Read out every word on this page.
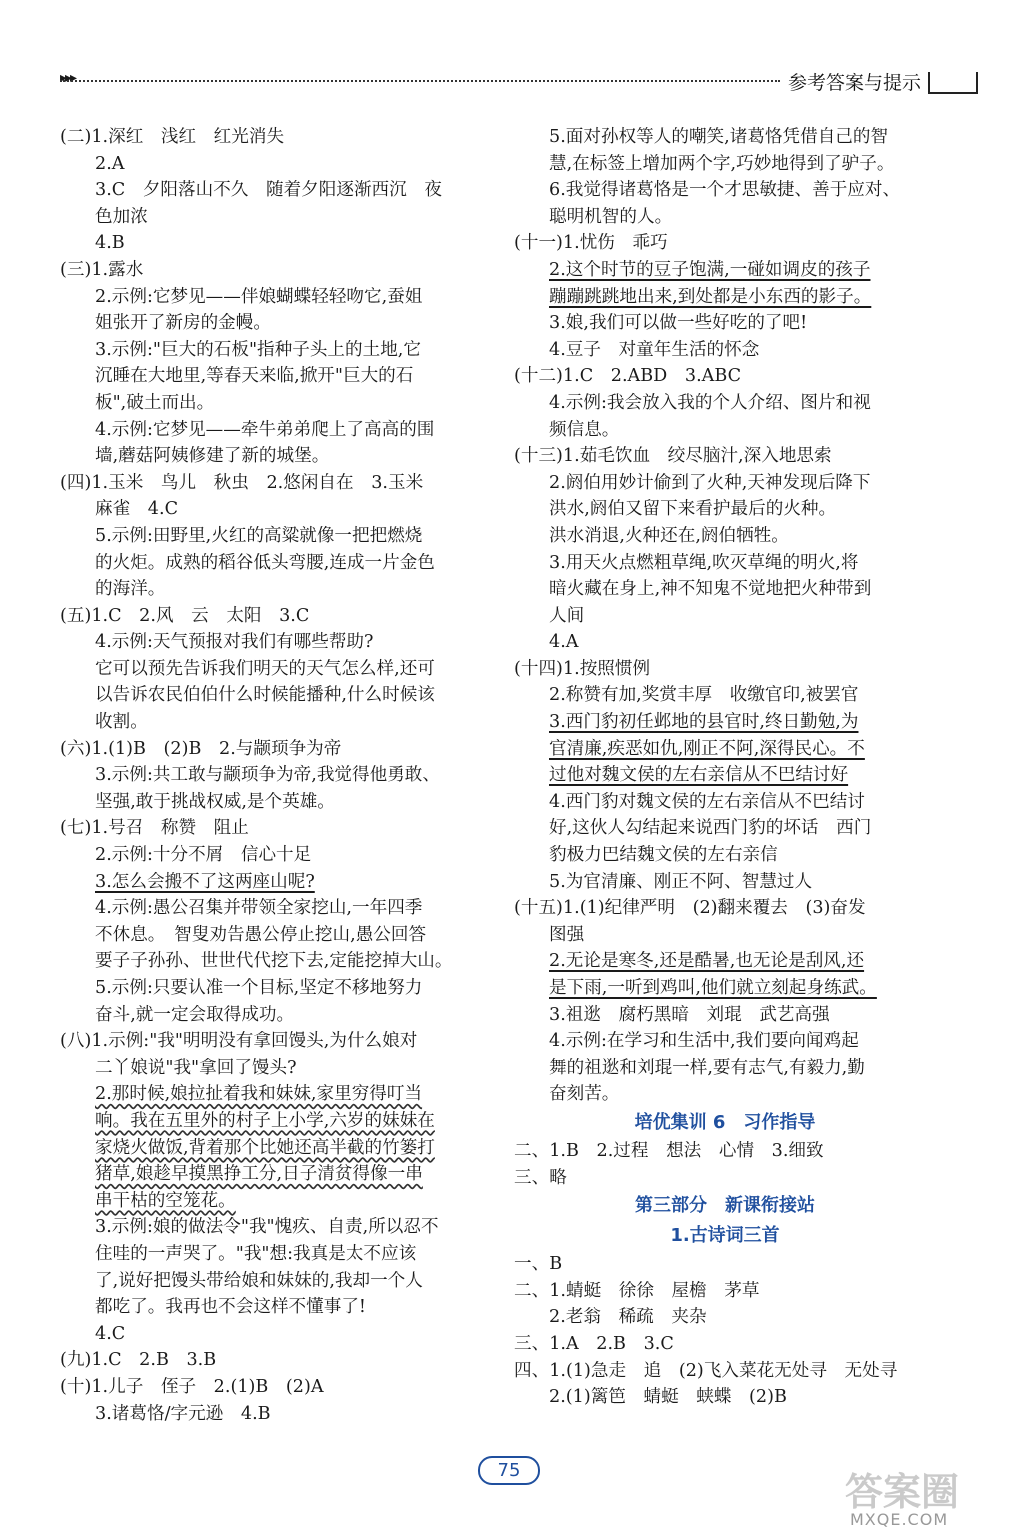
▸▸▸	参考答案与提示
(二)1.深红　浅红　红光消失
2.A
3.C　夕阳落山不久　随着夕阳逐渐西沉　夜
色加浓
4.B
(三)1.露水
2.示例:它梦见——伴娘蝴蝶轻轻吻它,蚕姐
姐张开了新房的金幔。
3.示例:"巨大的石板"指种子头上的土地,它
沉睡在大地里,等春天来临,掀开"巨大的石
板",破土而出。
4.示例:它梦见——牵牛弟弟爬上了高高的围
墙,蘑菇阿姨修建了新的城堡。
(四)1.玉米　鸟儿　秋虫　2.悠闲自在　3.玉米
麻雀　4.C
5.示例:田野里,火红的高粱就像一把把燃烧
的火炬。成熟的稻谷低头弯腰,连成一片金色
的海洋。
(五)1.C　2.风　云　太阳　3.C
4.示例:天气预报对我们有哪些帮助?
它可以预先告诉我们明天的天气怎么样,还可
以告诉农民伯伯什么时候能播种,什么时候该
收割。
(六)1.(1)B　(2)B　2.与颛顼争为帝
3.示例:共工敢与颛顼争为帝,我觉得他勇敢、
坚强,敢于挑战权威,是个英雄。
(七)1.号召　称赞　阻止
2.示例:十分不屑　信心十足
3.怎么会搬不了这两座山呢?
4.示例:愚公召集并带领全家挖山,一年四季
不休息。　智叟劝告愚公停止挖山,愚公回答
要子子孙孙、世世代代挖下去,定能挖掉大山。
5.示例:只要认准一个目标,坚定不移地努力
奋斗,就一定会取得成功。
(八)1.示例:"我"明明没有拿回馒头,为什么娘对
二丫娘说"我"拿回了馒头?
2.那时候,娘拉扯着我和妹妹,家里穷得叮当
响。我在五里外的村子上小学,六岁的妹妹在
家烧火做饭,背着那个比她还高半截的竹篓打
猪草,娘趁早摸黑挣工分,日子清贫得像一串
串干枯的空笼花。
3.示例:娘的做法令"我"愧疚、自责,所以忍不
住哇的一声哭了。"我"想:我真是太不应该
了,说好把馒头带给娘和妹妹的,我却一个人
都吃了。我再也不会这样不懂事了!
4.C
(九)1.C　2.B　3.B
(十)1.儿子　侄子　2.(1)B　(2)A
3.诸葛恪/字元逊　4.B
5.面对孙权等人的嘲笑,诸葛恪凭借自己的智
慧,在标签上增加两个字,巧妙地得到了驴子。
6.我觉得诸葛恪是一个才思敏捷、善于应对、
聪明机智的人。
(十一)1.忧伤　乖巧
2.这个时节的豆子饱满,一碰如调皮的孩子
蹦蹦跳跳地出来,到处都是小东西的影子。
3.娘,我们可以做一些好吃的了吧!
4.豆子　对童年生活的怀念
(十二)1.C　2.ABD　3.ABC
4.示例:我会放入我的个人介绍、图片和视
频信息。
(十三)1.茹毛饮血　绞尽脑汁,深入地思索
2.阏伯用妙计偷到了火种,天神发现后降下
洪水,阏伯又留下来看护最后的火种。
洪水消退,火种还在,阏伯牺牲。
3.用天火点燃粗草绳,吹灭草绳的明火,将
暗火藏在身上,神不知鬼不觉地把火种带到
人间
4.A
(十四)1.按照惯例
2.称赞有加,奖赏丰厚　收缴官印,被罢官
3.西门豹初任邺地的县官时,终日勤勉,为
官清廉,疾恶如仇,刚正不阿,深得民心。不
过他对魏文侯的左右亲信从不巴结讨好
4.西门豹对魏文侯的左右亲信从不巴结讨
好,这伙人勾结起来说西门豹的坏话　西门
豹极力巴结魏文侯的左右亲信
5.为官清廉、刚正不阿、智慧过人
(十五)1.(1)纪律严明　(2)翻来覆去　(3)奋发
图强
2.无论是寒冬,还是酷暑,也无论是刮风,还
是下雨,一听到鸡叫,他们就立刻起身练武。
3.祖逖　腐朽黑暗　刘琨　武艺高强
4.示例:在学习和生活中,我们要向闻鸡起
舞的祖逖和刘琨一样,要有志气,有毅力,勤
奋刻苦。
培优集训 6　习作指导
二、1.B　2.过程　想法　心情　3.细致
三、略
第三部分　新课衔接站
1.古诗词三首
一、B
二、1.蜻蜓　徐徐　屋檐　茅草
2.老翁　稀疏　夹杂
三、1.A　2.B　3.C
四、1.(1)急走　追　(2)飞入菜花无处寻　无处寻
2.(1)篱笆　蜻蜓　蛱蝶　(2)B
75	答案圈
MXQE.COM
